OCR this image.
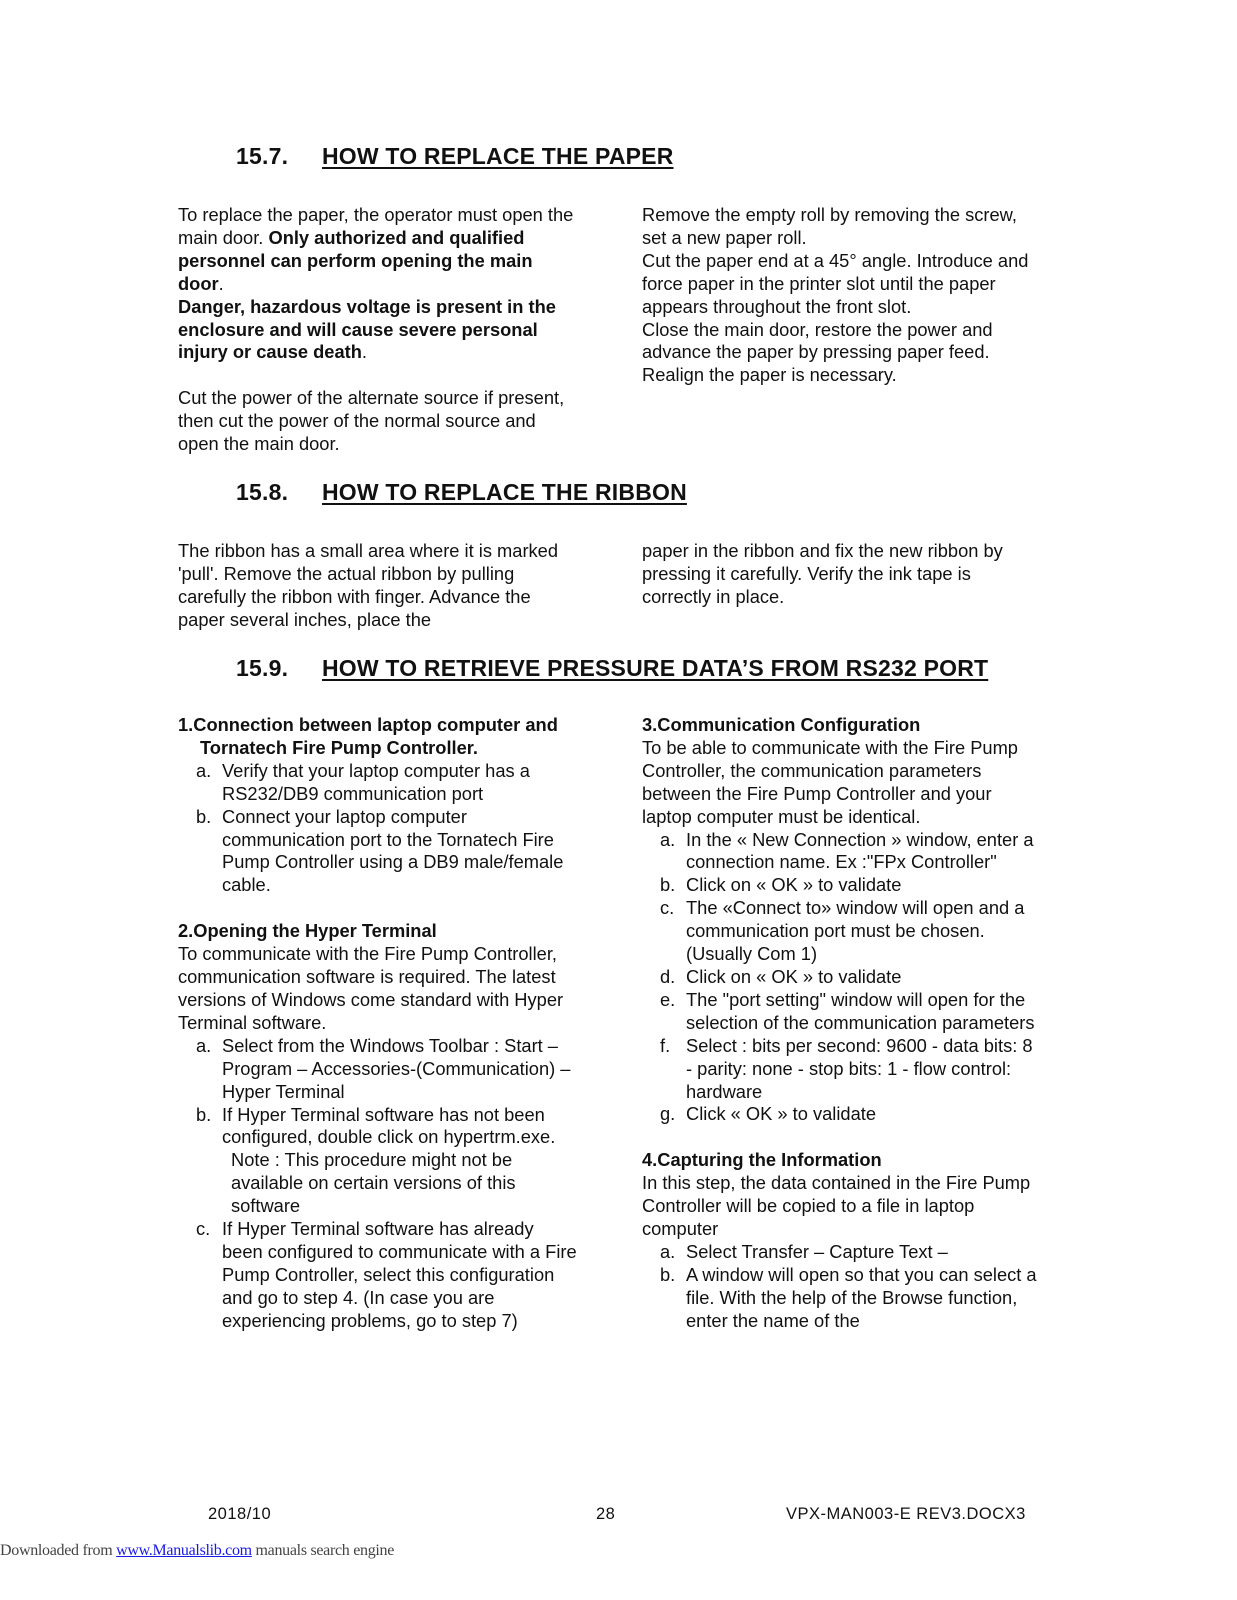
15.7. HOW TO REPLACE THE PAPER

To replace the paper, the operator must open the main door. Only authorized and qualified personnel can perform opening the main door.
Danger, hazardous voltage is present in the enclosure and will cause severe personal injury or cause death.

Cut the power of the alternate source if present, then cut the power of the normal source and open the main door.

Remove the empty roll by removing the screw, set a new paper roll.

Cut the paper end at a 45° angle. Introduce and force paper in the printer slot until the paper appears throughout the front slot.

Close the main door, restore the power and advance the paper by pressing paper feed.

Realign the paper is necessary.

15.8. HOW TO REPLACE THE RIBBON

The ribbon has a small area where it is marked 'pull'. Remove the actual ribbon by pulling carefully the ribbon with finger. Advance the paper several inches, place the

paper in the ribbon and fix the new ribbon by pressing it carefully. Verify the ink tape is correctly in place.

15.9. HOW TO RETRIEVE PRESSURE DATA’S FROM RS232 PORT

1.Connection between laptop computer and Tornatech Fire Pump Controller.

a. Verify that your laptop computer has a RS232/DB9 communication port
b. Connect your laptop computer communication port to the Tornatech Fire Pump Controller using a DB9 male/female cable.

2.Opening the Hyper Terminal

To communicate with the Fire Pump Controller, communication software is required. The latest versions of Windows come standard with Hyper Terminal software.

a. Select from the Windows Toolbar : Start – Program – Accessories-(Communication) – Hyper Terminal
b. If Hyper Terminal software has not been configured, double click on hypertrm.exe.

Note : This procedure might not be available on certain versions of this software

c. If Hyper Terminal software has already been configured to communicate with a Fire Pump Controller, select this configuration and go to step 4. (In case you are experiencing problems, go to step 7)

3.Communication Configuration

To be able to communicate with the Fire Pump Controller, the communication parameters between the Fire Pump Controller and your laptop computer must be identical.

a. In the « New Connection » window, enter a connection name. Ex :"FPx Controller"
b. Click on « OK » to validate
c. The «Connect to» window will open and a communication port must be chosen. (Usually Com 1)
d. Click on « OK » to validate
e. The "port setting" window will open for the selection of the communication parameters
f. Select : bits per second: 9600 - data bits: 8 - parity: none - stop bits: 1 - flow control: hardware
g. Click « OK » to validate

4.Capturing the Information

In this step, the data contained in the Fire Pump Controller will be copied to a file in laptop computer

a. Select Transfer – Capture Text –
b. A window will open so that you can select a file. With the help of the Browse function, enter the name of the
2018/10	28	VPX-MAN003-E REV3.DOCX3
Downloaded from www.Manualslib.com manuals search engine
